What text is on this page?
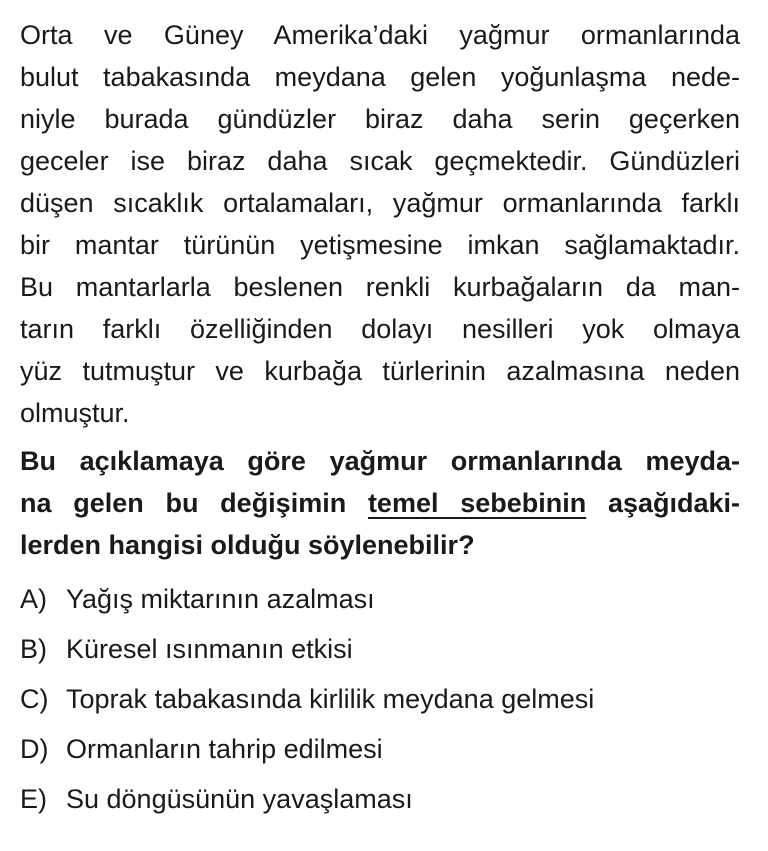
Orta ve Güney Amerika’daki yağmur ormanlarında
bulut tabakasında meydana gelen yoğunlaşma nede-
niyle burada gündüzler biraz daha serin geçerken
geceler ise biraz daha sıcak geçmektedir. Gündüzleri
düşen sıcaklık ortalamaları, yağmur ormanlarında farklı
bir mantar türünün yetişmesine imkan sağlamaktadır.
Bu mantarlarla beslenen renkli kurbağaların da man-
tarın farklı özelliğinden dolayı nesilleri yok olmaya
yüz tutmuştur ve kurbağa türlerinin azalmasına neden
olmuştur.
Bu açıklamaya göre yağmur ormanlarında meyda-
na gelen bu değişimin temel sebebinin aşağıdaki-
lerden hangisi olduğu söylenebilir?
A) Yağış miktarının azalması
B) Küresel ısınmanın etkisi
C) Toprak tabakasında kirlilik meydana gelmesi
D) Ormanların tahrip edilmesi
E) Su döngüsünün yavaşlaması
